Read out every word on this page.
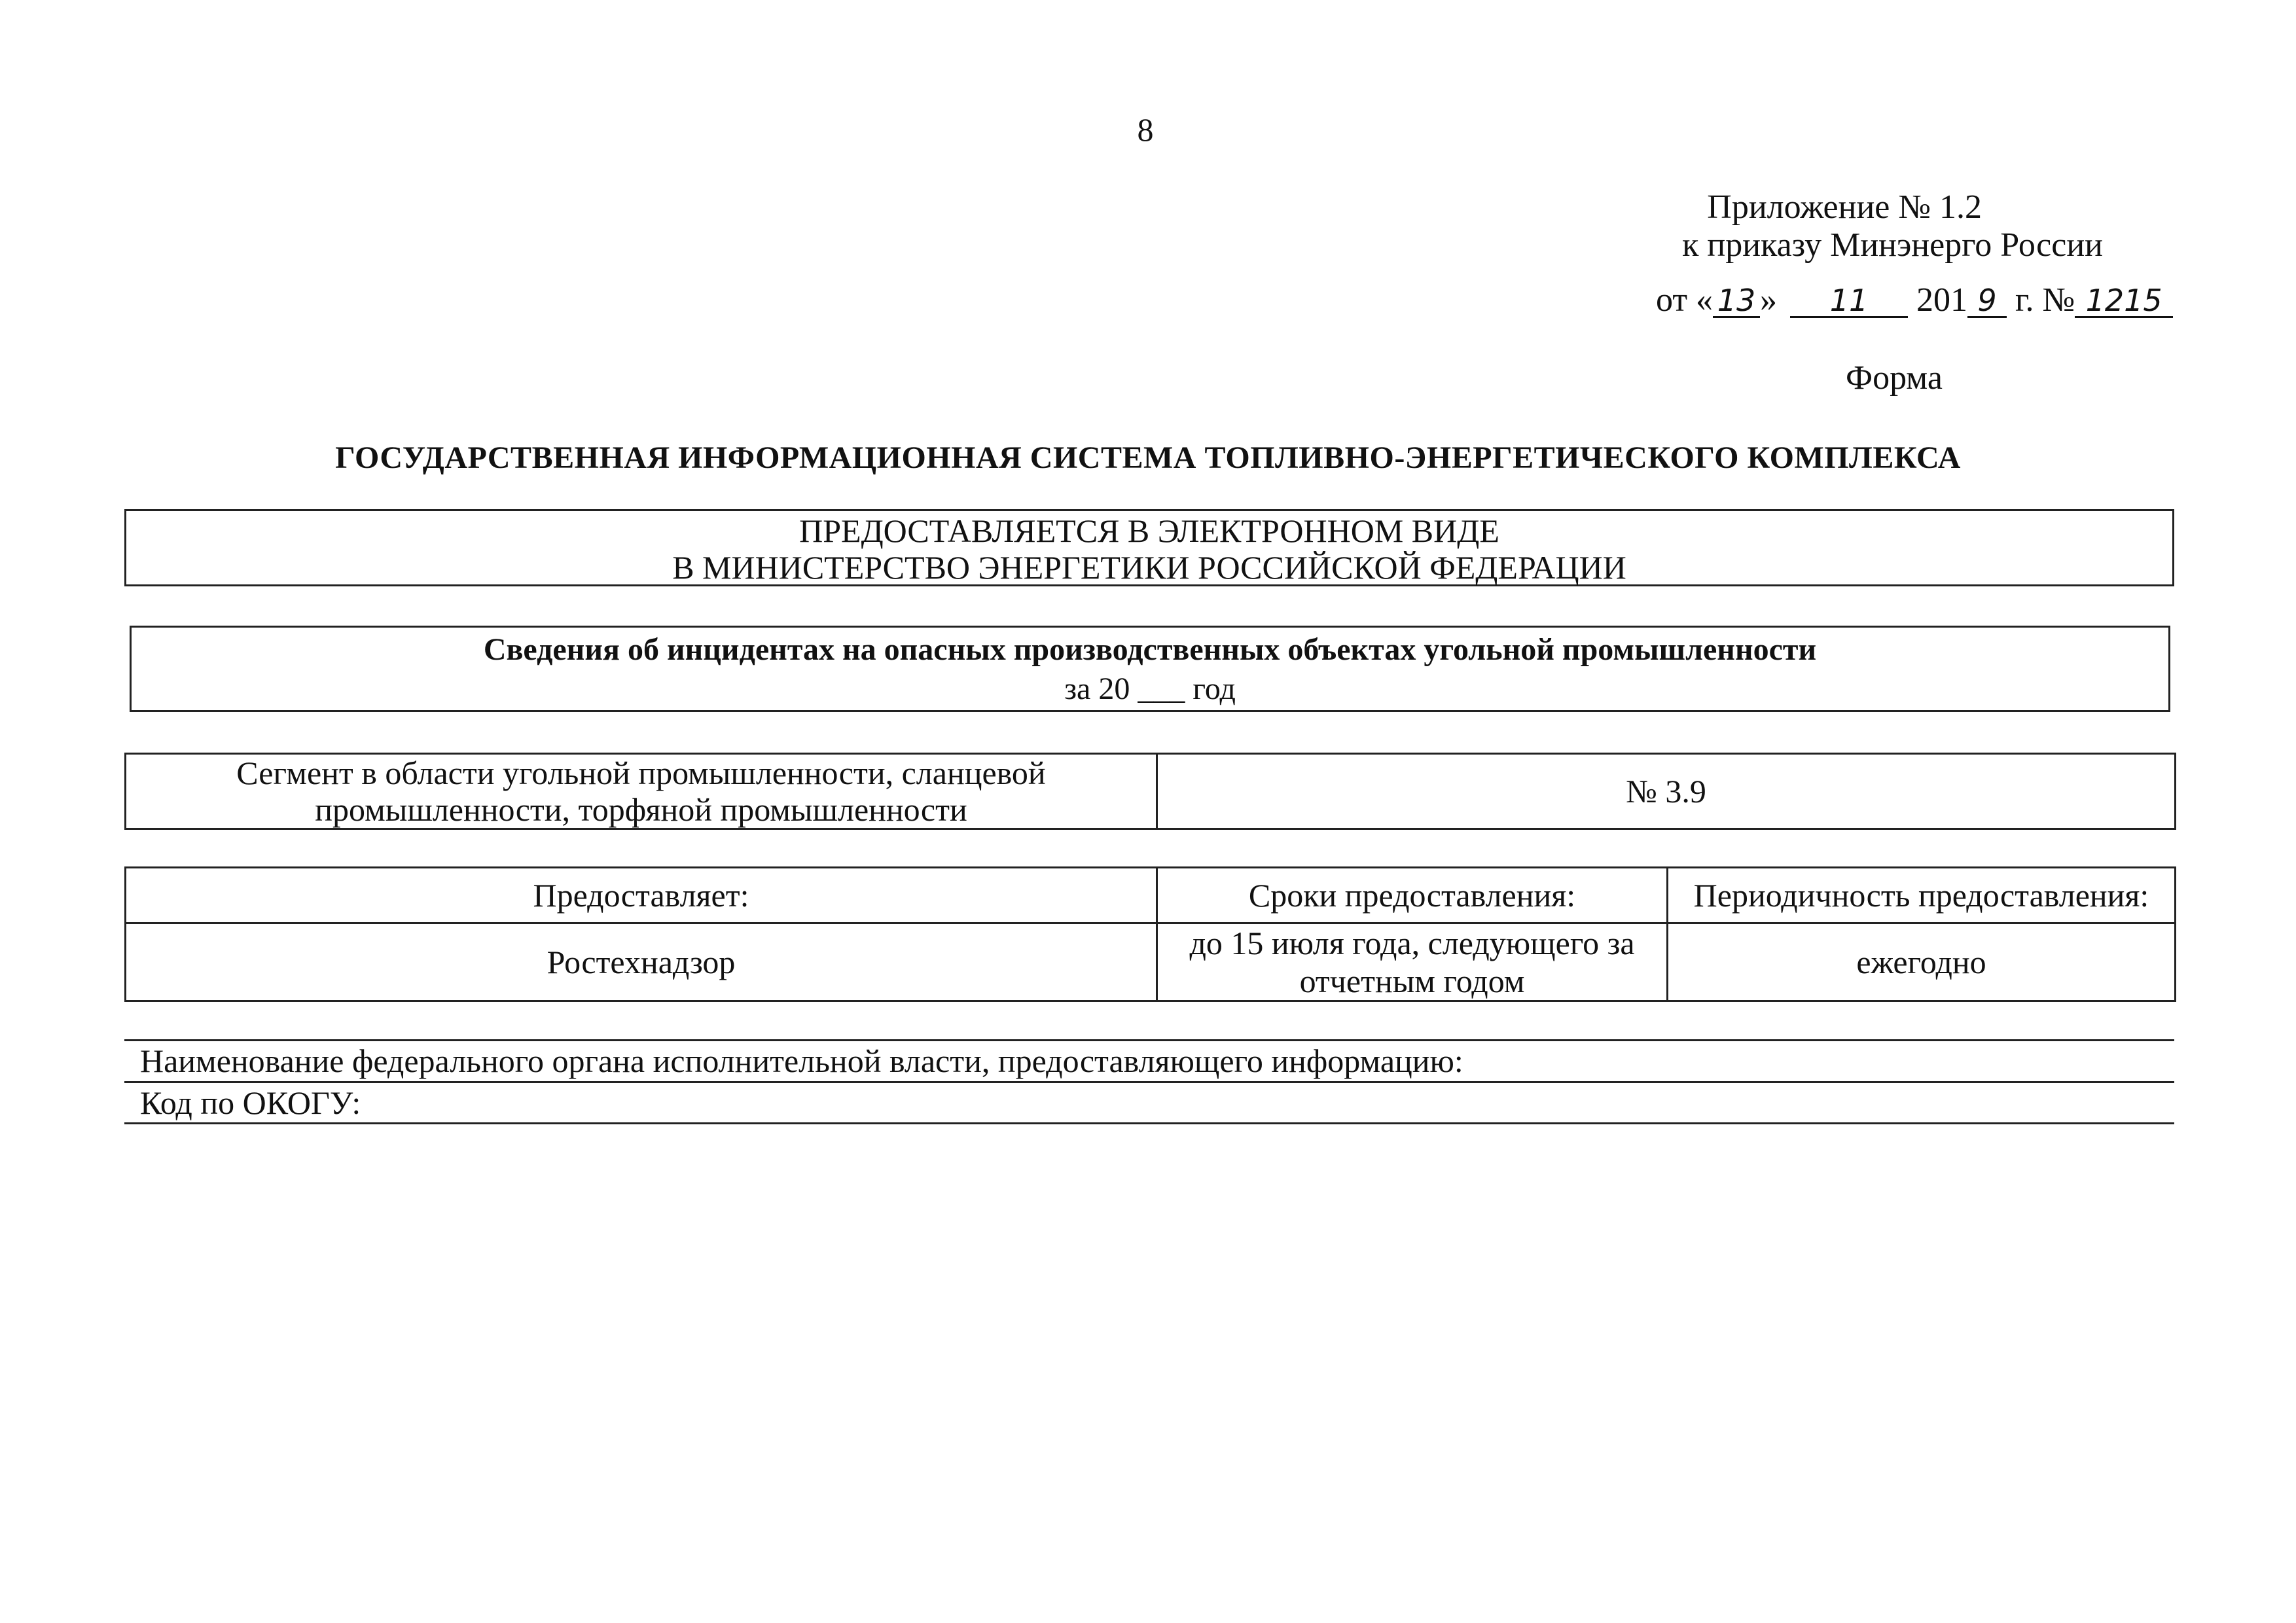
8
Приложение № 1.2
к приказу Минэнерго России
от « 13 » 11 201 9 г. № 1215
Форма
ГОСУДАРСТВЕННАЯ ИНФОРМАЦИОННАЯ СИСТЕМА ТОПЛИВНО-ЭНЕРГЕТИЧЕСКОГО КОМПЛЕКСА
ПРЕДОСТАВЛЯЕТСЯ В ЭЛЕКТРОННОМ ВИДЕ
В МИНИСТЕРСТВО ЭНЕРГЕТИКИ РОССИЙСКОЙ ФЕДЕРАЦИИ
Сведения об инцидентах на опасных производственных объектах угольной промышленности
за 20 ___ год
Сегмент в области угольной промышленности, сланцевой промышленности, торфяной промышленности	№ 3.9
Предоставляет:	Сроки предоставления:	Периодичность предоставления:
Ростехнадзор	до 15 июля года, следующего за отчетным годом	ежегодно
Наименование федерального органа исполнительной власти, предоставляющего информацию:
Код по ОКОГУ:
